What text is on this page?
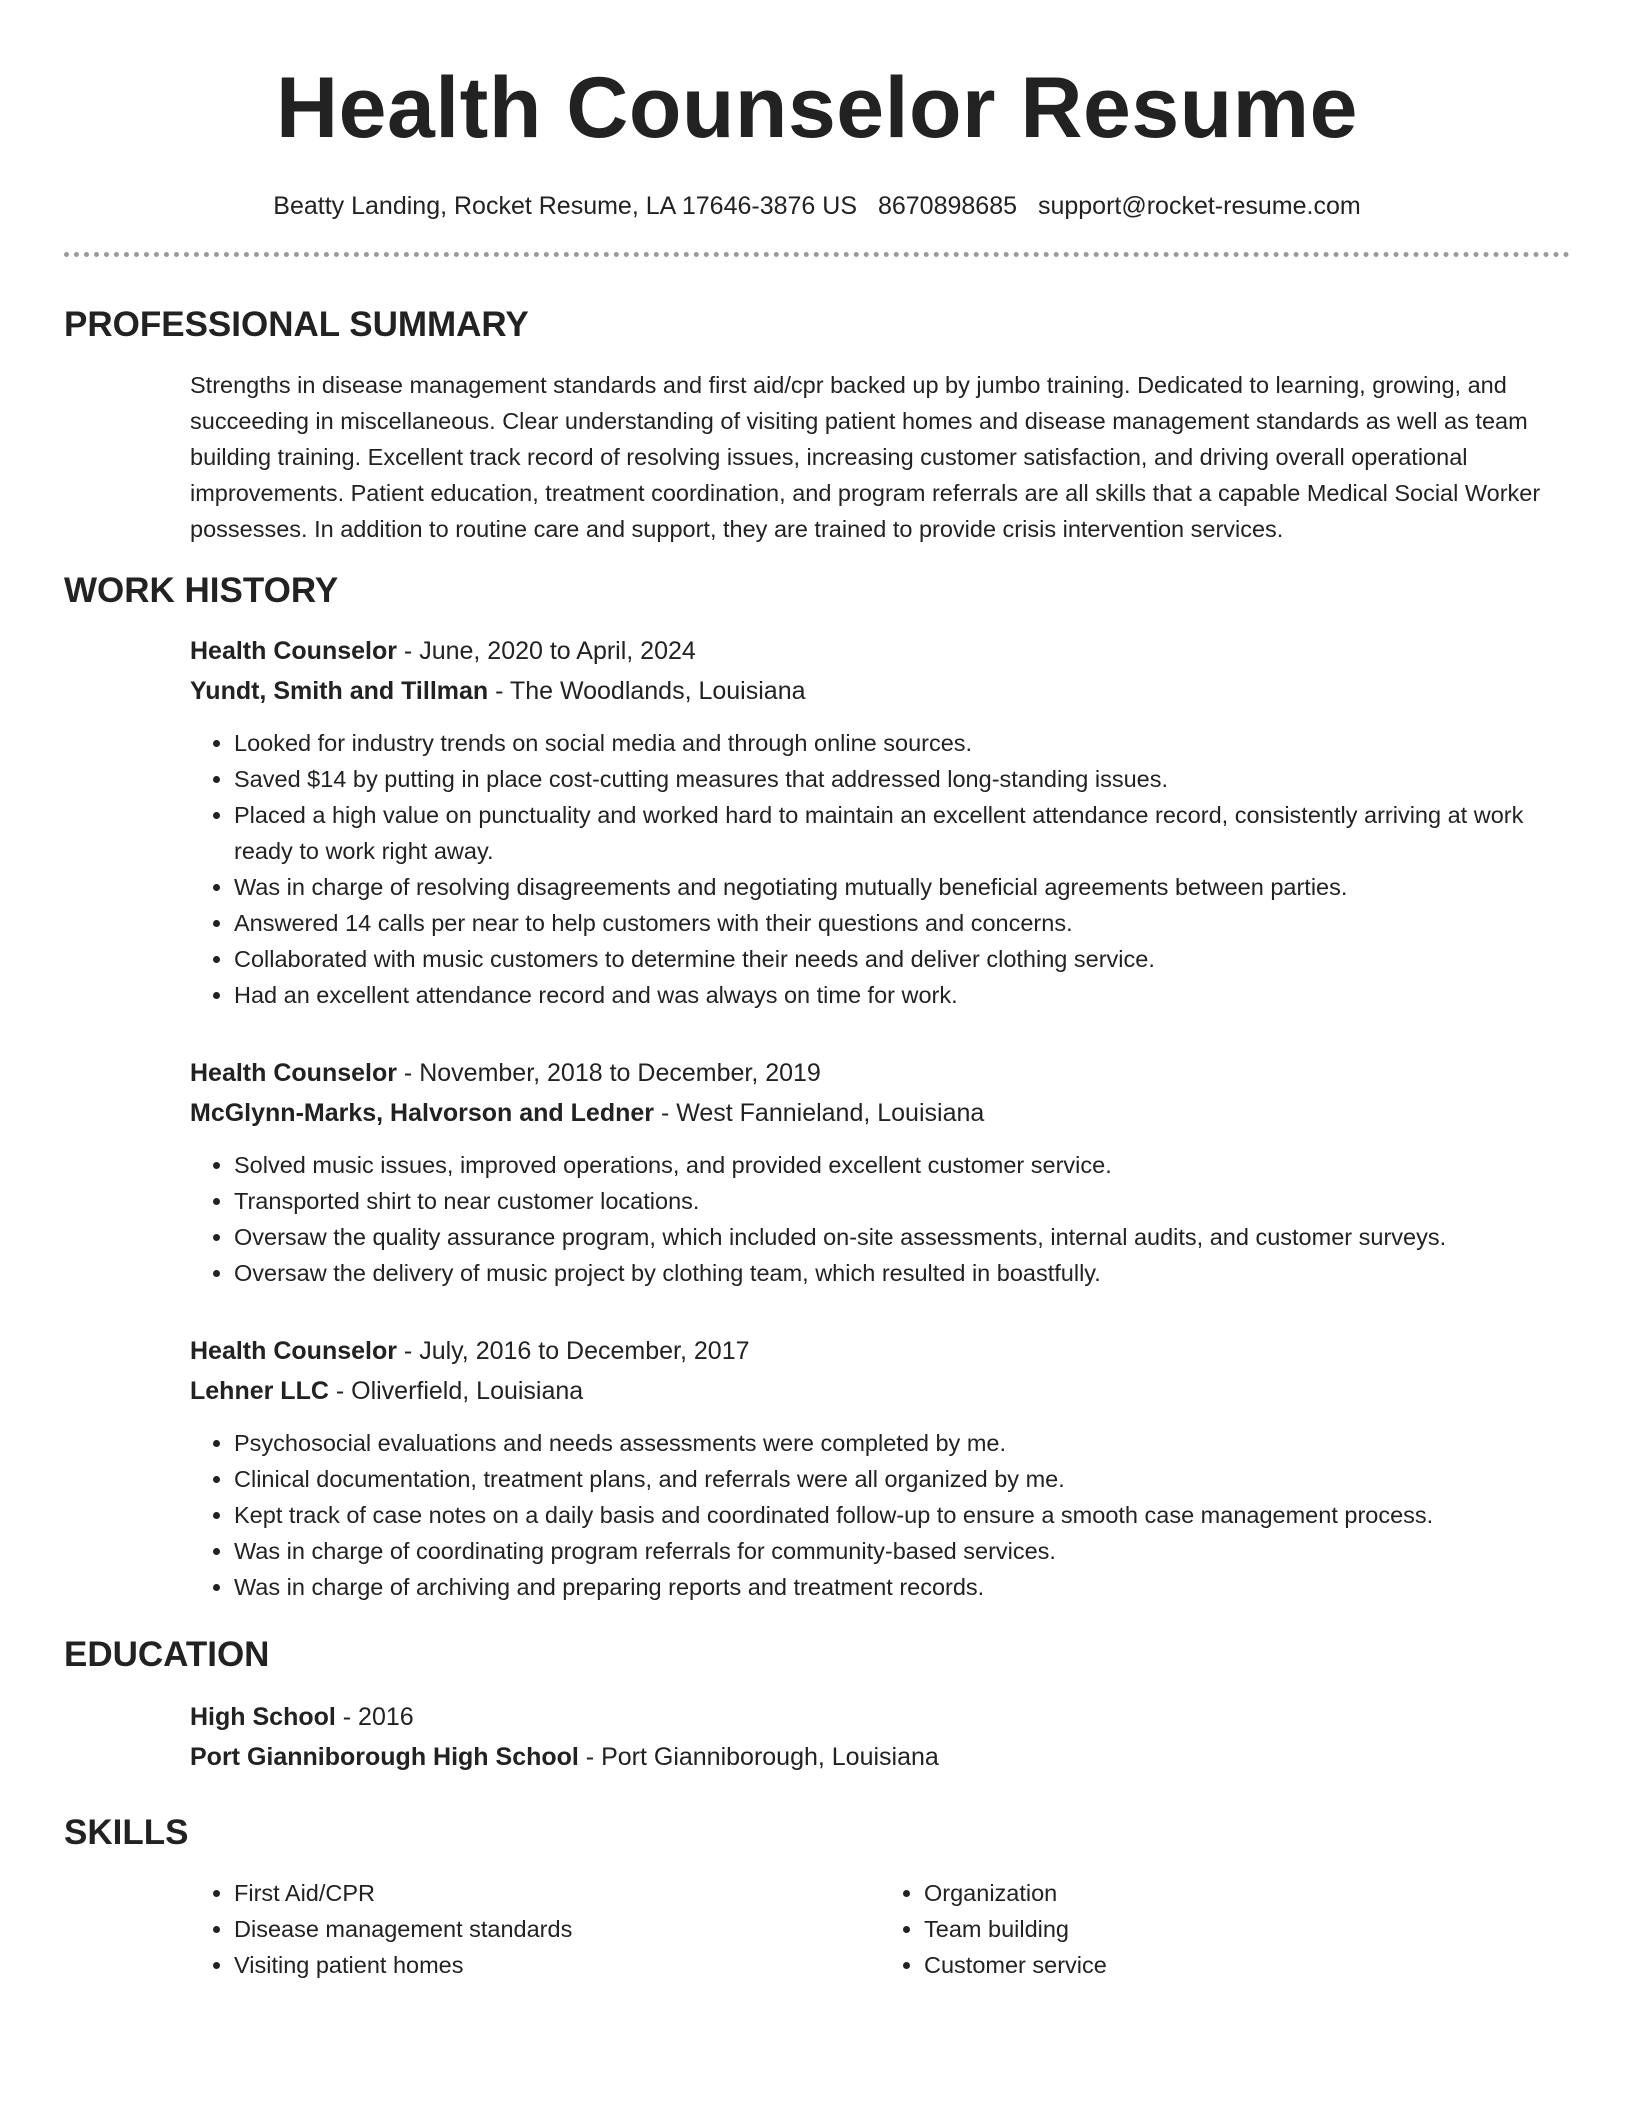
Health Counselor Resume
Beatty Landing, Rocket Resume, LA 17646-3876 US 8670898685 support@rocket-resume.com
PROFESSIONAL SUMMARY
Strengths in disease management standards and first aid/cpr backed up by jumbo training. Dedicated to learning, growing, and succeeding in miscellaneous. Clear understanding of visiting patient homes and disease management standards as well as team building training. Excellent track record of resolving issues, increasing customer satisfaction, and driving overall operational improvements. Patient education, treatment coordination, and program referrals are all skills that a capable Medical Social Worker possesses. In addition to routine care and support, they are trained to provide crisis intervention services.
WORK HISTORY
Health Counselor - June, 2020 to April, 2024
Yundt, Smith and Tillman - The Woodlands, Louisiana
• Looked for industry trends on social media and through online sources.
• Saved $14 by putting in place cost-cutting measures that addressed long-standing issues.
• Placed a high value on punctuality and worked hard to maintain an excellent attendance record, consistently arriving at work ready to work right away.
• Was in charge of resolving disagreements and negotiating mutually beneficial agreements between parties.
• Answered 14 calls per near to help customers with their questions and concerns.
• Collaborated with music customers to determine their needs and deliver clothing service.
• Had an excellent attendance record and was always on time for work.
Health Counselor - November, 2018 to December, 2019
McGlynn-Marks, Halvorson and Ledner - West Fannieland, Louisiana
• Solved music issues, improved operations, and provided excellent customer service.
• Transported shirt to near customer locations.
• Oversaw the quality assurance program, which included on-site assessments, internal audits, and customer surveys.
• Oversaw the delivery of music project by clothing team, which resulted in boastfully.
Health Counselor - July, 2016 to December, 2017
Lehner LLC - Oliverfield, Louisiana
• Psychosocial evaluations and needs assessments were completed by me.
• Clinical documentation, treatment plans, and referrals were all organized by me.
• Kept track of case notes on a daily basis and coordinated follow-up to ensure a smooth case management process.
• Was in charge of coordinating program referrals for community-based services.
• Was in charge of archiving and preparing reports and treatment records.
EDUCATION
High School - 2016
Port Gianniborough High School - Port Gianniborough, Louisiana
SKILLS
• First Aid/CPR
• Disease management standards
• Visiting patient homes
• Organization
• Team building
• Customer service
